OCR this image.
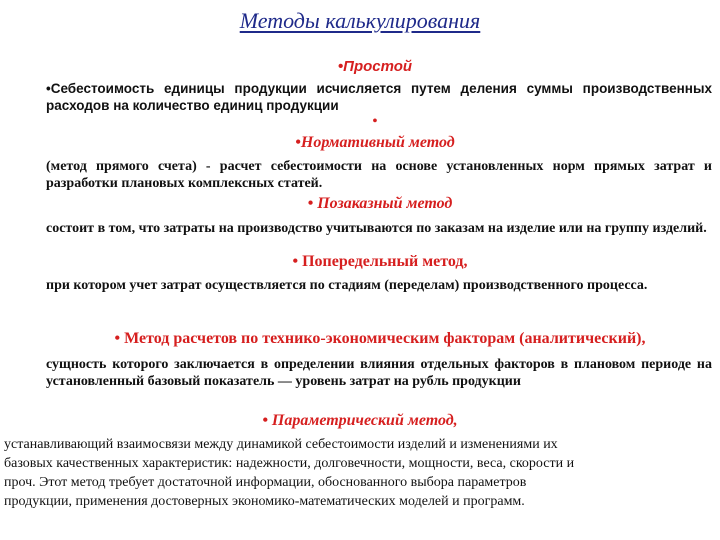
Методы калькулирования
•Простой
•Себестоимость единицы продукции исчисляется путем деления суммы производственных расходов на количество единиц продукции
•
•Нормативный метод
(метод прямого счета) - расчет себестоимости на основе установленных норм прямых затрат и разработки плановых комплексных статей.
• Позаказный метод
состоит в том, что затраты на производство учитываются по заказам на изделие или на группу изделий.
• Попередельный метод,
при котором учет затрат осуществляется по стадиям (переделам) производственного процесса.
• Метод расчетов по технико-экономическим факторам (аналитический),
сущность которого заключается в определении влияния отдельных факторов в плановом периоде на установленный базовый показатель — уровень затрат на рубль продукции
• Параметрический метод,
устанавливающий взаимосвязи между динамикой себестоимости изделий и изменениями их
базовых качественных характеристик: надежности, долговечности, мощности, веса, скорости и
проч. Этот метод требует достаточной информации, обоснованного выбора параметров
продукции, применения достоверных экономико-математических моделей и программ.
